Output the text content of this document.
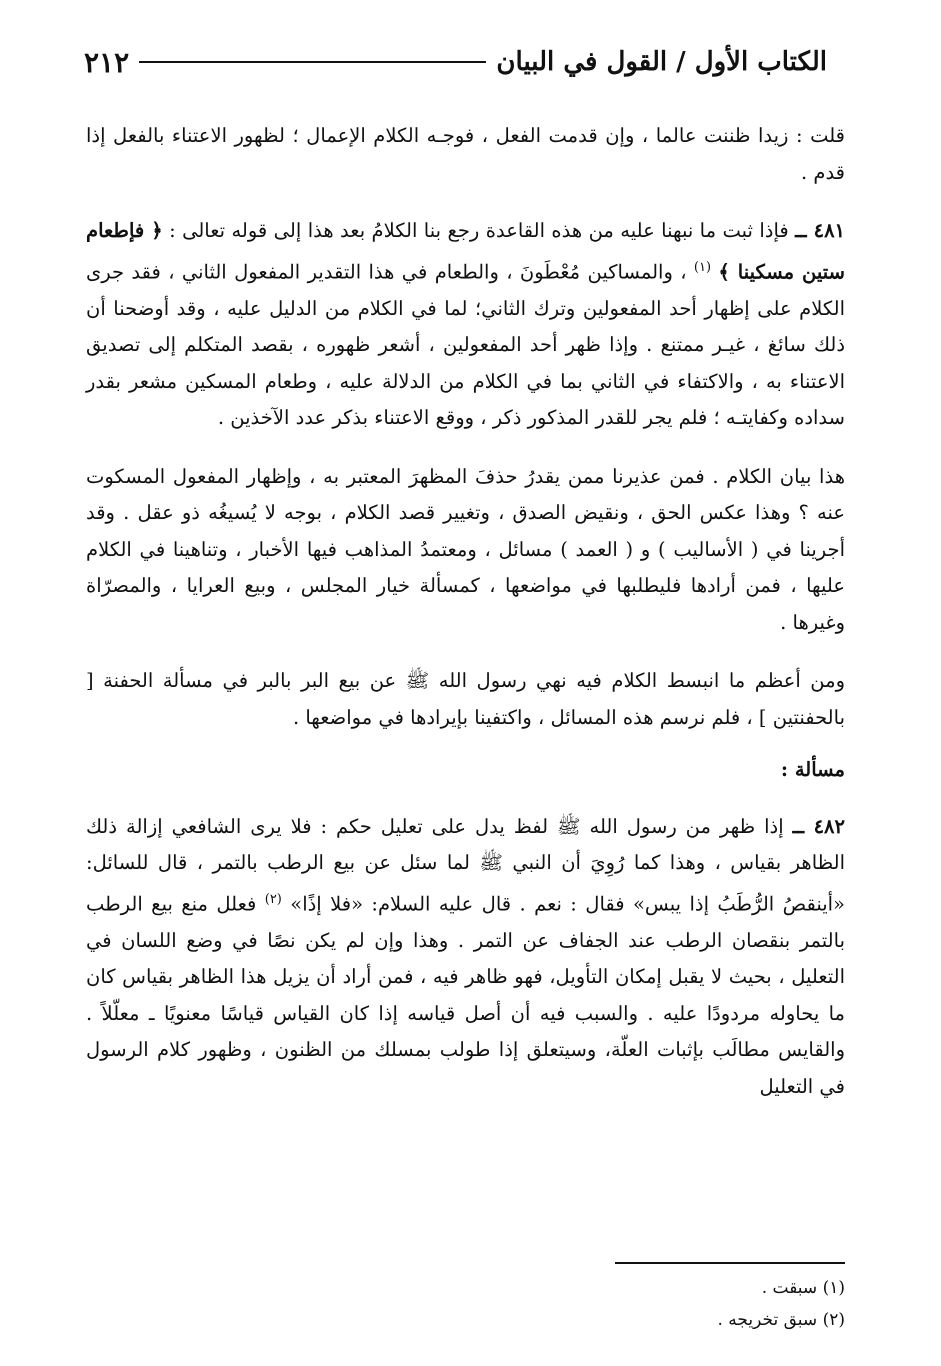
٢١٢	الكتاب الأول / القول في البيان

قلت : زيدا ظننت عالما ، وإن قدمت الفعل ، فوجـه الكلام الإعمال ؛ لظهور الاعتناء بالفعل إذا قدم .

٤٨١ ــ فإذا ثبت ما نبهنا عليه من هذه القاعدة رجع بنا الكلامُ بعد هذا إلى قوله تعالى : ﴿ فإطعام ستين مسكينا ﴾ $^{(١)}$ ، والمساكين مُعْطَونَ ، والطعام في هذا التقدير المفعول الثاني ، فقد جرى الكلام على إظهار أحد المفعولين وترك الثاني؛ لما في الكلام من الدليل عليه ، وقد أوضحنا أن ذلك سائغ ، غيـر ممتنع . وإذا ظهر أحد المفعولين ، أشعر ظهوره ، بقصد المتكلم إلى تصديق الاعتناء به ، والاكتفاء في الثاني بما في الكلام من الدلالة عليه ، وطعام المسكين مشعر بقدر سداده وكفايتـه ؛ فلم يجر للقدر المذكور ذكر ، ووقع الاعتناء بذكر عدد الآخذين .

هذا بيان الكلام . فمن عذيرنا ممن يقدرُ حذفَ المظهرَ المعتبر به ، وإظهار المفعول المسكوت عنه ؟ وهذا عكس الحق ، ونقيض الصدق ، وتغيير قصد الكلام ، بوجه لا يُسيغُه ذو عقل . وقد أجرينا في ( الأساليب ) و ( العمد ) مسائل ، ومعتمدُ المذاهب فيها الأخبار ، وتناهينا في الكلام عليها ، فمن أرادها فليطلبها في مواضعها ، كمسألة خيار المجلس ، وبيع العرايا ، والمصرّاة وغيرها .

ومن أعظم ما انبسط الكلام فيه نهي رسول الله ﷺ عن بيع البر بالبر في مسألة الحفنة [ بالحفنتين ] ، فلم نرسم هذه المسائل ، واكتفينا بإيرادها في مواضعها .

مسألة :

٤٨٢ ــ إذا ظهر من رسول الله ﷺ لفظ يدل على تعليل حكم : فلا يرى الشافعي إزالة ذلك الظاهر بقياس ، وهذا كما رُوِيَ أن النبي ﷺ لما سئل عن بيع الرطب بالتمر ، قال للسائل: «أينقصُ الرُّطَبُ إذا يبس» فقال : نعم . قال عليه السلام: «فلا إذًا» $^{(٢)}$ فعلل منع بيع الرطب بالتمر بنقصان الرطب عند الجفاف عن التمر . وهذا وإن لم يكن نصًا في وضع اللسان في التعليل ، بحيث لا يقبل إمكان التأويل، فهو ظاهر فيه ، فمن أراد أن يزيل هذا الظاهر بقياس كان ما يحاوله مردودًا عليه . والسبب فيه أن أصل قياسه إذا كان القياس قياسًا معنويًا ـ معلّلاً . والقايس مطالَب بإثبات العلّة، وسيتعلق إذا طولب بمسلك من الظنون ، وظهور كلام الرسول في التعليل

(١) سبقت .
(٢) سبق تخريجه .
